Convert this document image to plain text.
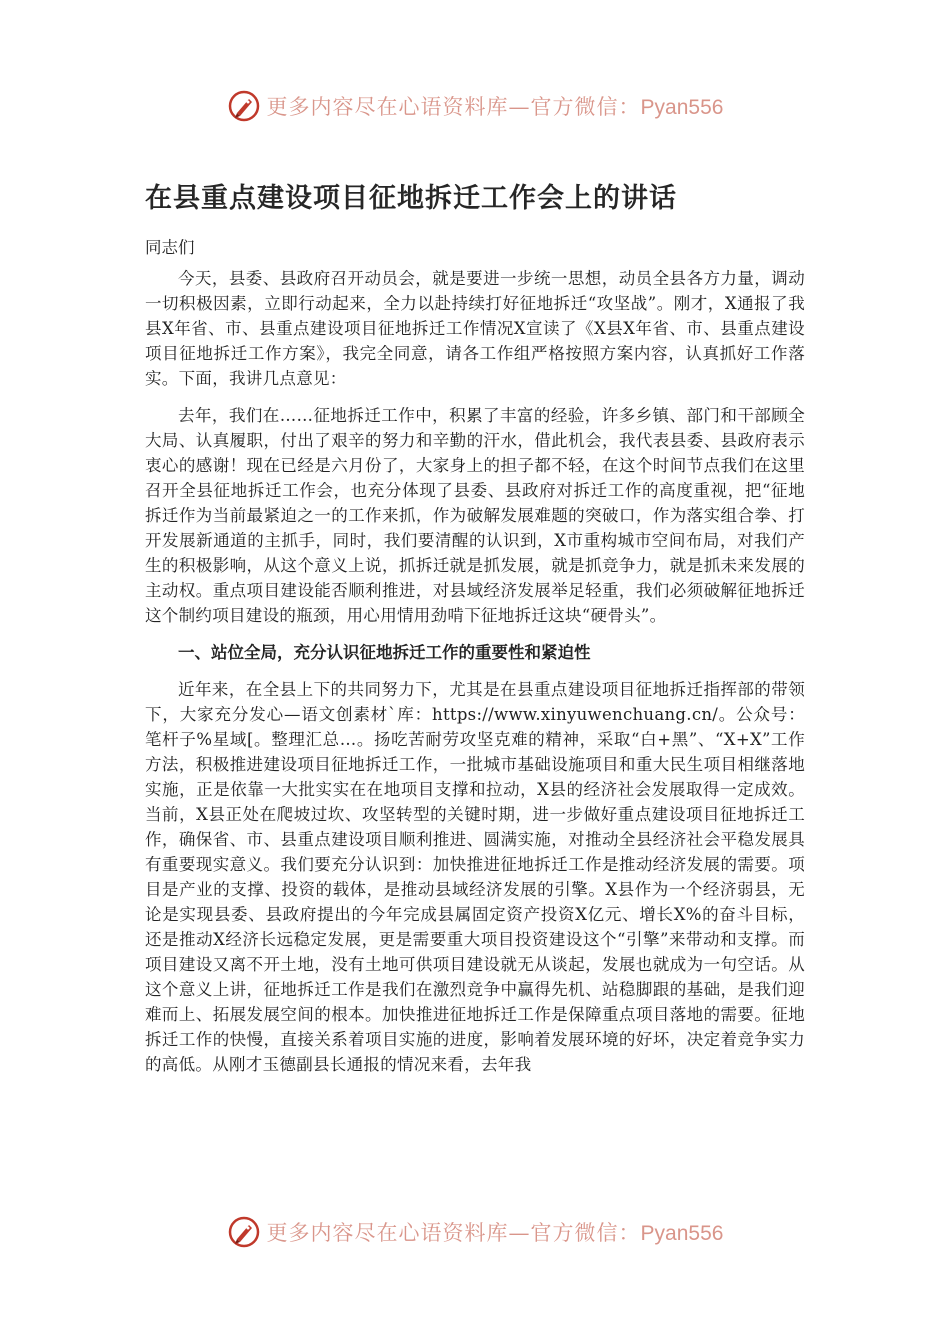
更多内容尽在心语资料库—官方微信：Pyan556
在县重点建设项目征地拆迁工作会上的讲话

同志们

今天，县委、县政府召开动员会，就是要进一步统一思想，动员全县各方力量，调动一切积极因素，立即行动起来，全力以赴持续打好征地拆迁“攻坚战”。刚才，X通报了我县X年省、市、县重点建设项目征地拆迁工作情况X宣读了《X县X年省、市、县重点建设项目征地拆迁工作方案》，我完全同意，请各工作组严格按照方案内容，认真抓好工作落实。下面，我讲几点意见：

去年，我们在……征地拆迁工作中，积累了丰富的经验，许多乡镇、部门和干部顾全大局、认真履职，付出了艰辛的努力和辛勤的汗水，借此机会，我代表县委、县政府表示衷心的感谢！现在已经是六月份了，大家身上的担子都不轻，在这个时间节点我们在这里召开全县征地拆迁工作会，也充分体现了县委、县政府对拆迁工作的高度重视，把“征地拆迁作为当前最紧迫之一的工作来抓，作为破解发展难题的突破口，作为落实组合拳、打开发展新通道的主抓手，同时，我们要清醒的认识到，X市重构城市空间布局，对我们产生的积极影响，从这个意义上说，抓拆迁就是抓发展，就是抓竞争力，就是抓未来发展的主动权。重点项目建设能否顺利推进，对县域经济发展举足轻重，我们必须破解征地拆迁这个制约项目建设的瓶颈，用心用情用劲啃下征地拆迁这块“硬骨头”。

一、站位全局，充分认识征地拆迁工作的重要性和紧迫性

近年来，在全县上下的共同努力下，尤其是在县重点建设项目征地拆迁指挥部的带领下，大家充分发心—语文创素材`库：https://www.xinyuwenchuang.cn/。公众号：笔杆子%星域[。整理汇总…。扬吃苦耐劳攻坚克难的精神，采取“白+黑”、“X+X”工作方法，积极推进建设项目征地拆迁工作，一批城市基础设施项目和重大民生项目相继落地实施，正是依靠一大批实实在在地项目支撑和拉动，X县的经济社会发展取得一定成效。当前，X县正处在爬坡过坎、攻坚转型的关键时期，进一步做好重点建设项目征地拆迁工作，确保省、市、县重点建设项目顺利推进、圆满实施，对推动全县经济社会平稳发展具有重要现实意义。我们要充分认识到：加快推进征地拆迁工作是推动经济发展的需要。项目是产业的支撑、投资的载体，是推动县域经济发展的引擎。X县作为一个经济弱县，无论是实现县委、县政府提出的今年完成县属固定资产投资X亿元、增长X%的奋斗目标，还是推动X经济长远稳定发展，更是需要重大项目投资建设这个“引擎”来带动和支撑。而项目建设又离不开土地，没有土地可供项目建设就无从谈起，发展也就成为一句空话。从这个意义上讲，征地拆迁工作是我们在激烈竞争中赢得先机、站稳脚跟的基础，是我们迎难而上、拓展发展空间的根本。加快推进征地拆迁工作是保障重点项目落地的需要。征地拆迁工作的快慢，直接关系着项目实施的进度，影响着发展环境的好坏，决定着竞争实力的高低。从刚才玉德副县长通报的情况来看，去年我

更多内容尽在心语资料库—官方微信：Pyan556
